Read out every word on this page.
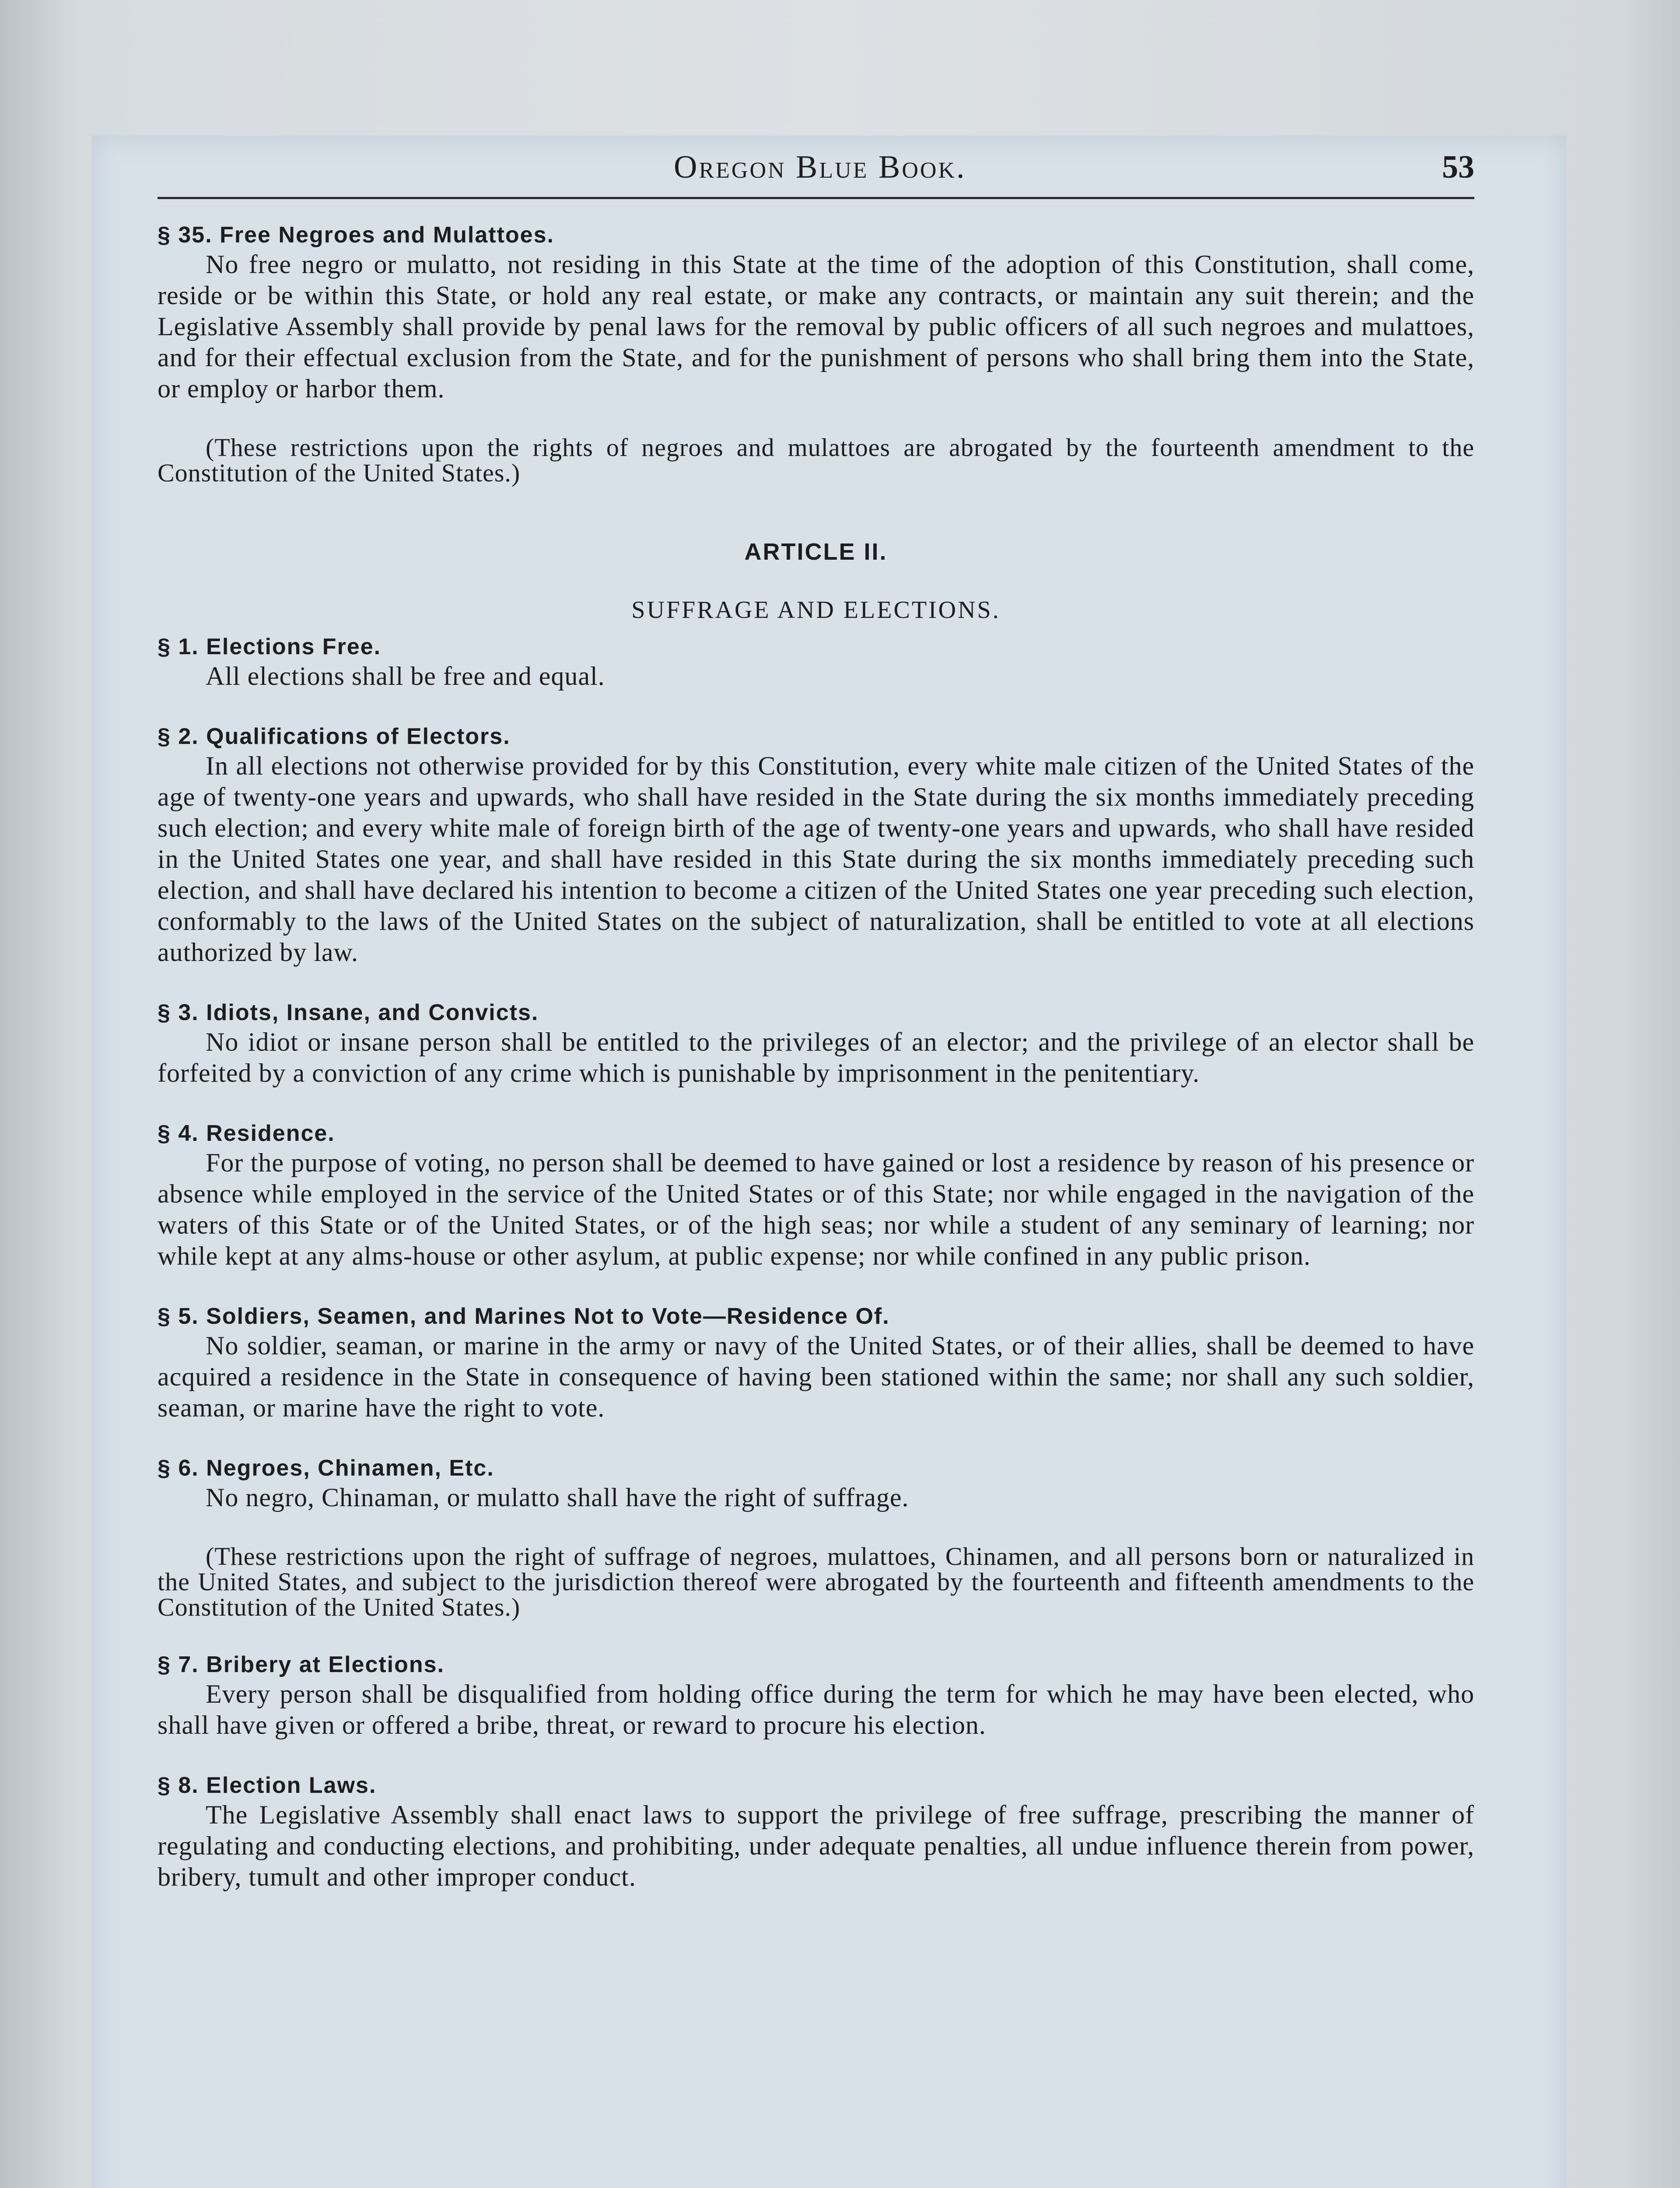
Oregon Blue Book.	53

§ 35. Free Negroes and Mulattoes.

No free negro or mulatto, not residing in this State at the time of the adoption of this Constitution, shall come, reside or be within this State, or hold any real estate, or make any contracts, or maintain any suit therein; and the Legislative Assembly shall provide by penal laws for the removal by public officers of all such negroes and mulattoes, and for their effectual exclusion from the State, and for the punishment of persons who shall bring them into the State, or employ or harbor them.

(These restrictions upon the rights of negroes and mulattoes are abrogated by the fourteenth amendment to the Constitution of the United States.)

ARTICLE II.
SUFFRAGE AND ELECTIONS.

§ 1. Elections Free.

All elections shall be free and equal.

§ 2. Qualifications of Electors.

In all elections not otherwise provided for by this Constitution, every white male citizen of the United States of the age of twenty-one years and upwards, who shall have resided in the State during the six months immediately preceding such election; and every white male of foreign birth of the age of twenty-one years and upwards, who shall have resided in the United States one year, and shall have resided in this State during the six months immediately preceding such election, and shall have declared his intention to become a citizen of the United States one year preceding such election, conformably to the laws of the United States on the subject of naturalization, shall be entitled to vote at all elections authorized by law.

§ 3. Idiots, Insane, and Convicts.

No idiot or insane person shall be entitled to the privileges of an elector; and the privilege of an elector shall be forfeited by a conviction of any crime which is punishable by imprisonment in the penitentiary.

§ 4. Residence.

For the purpose of voting, no person shall be deemed to have gained or lost a residence by reason of his presence or absence while employed in the service of the United States or of this State; nor while engaged in the navigation of the waters of this State or of the United States, or of the high seas; nor while a student of any seminary of learning; nor while kept at any alms-house or other asylum, at public expense; nor while confined in any public prison.

§ 5. Soldiers, Seamen, and Marines Not to Vote—Residence Of.

No soldier, seaman, or marine in the army or navy of the United States, or of their allies, shall be deemed to have acquired a residence in the State in consequence of having been stationed within the same; nor shall any such soldier, seaman, or marine have the right to vote.

§ 6. Negroes, Chinamen, Etc.

No negro, Chinaman, or mulatto shall have the right of suffrage.

(These restrictions upon the right of suffrage of negroes, mulattoes, Chinamen, and all persons born or naturalized in the United States, and subject to the jurisdiction thereof were abrogated by the fourteenth and fifteenth amendments to the Constitution of the United States.)

§ 7. Bribery at Elections.

Every person shall be disqualified from holding office during the term for which he may have been elected, who shall have given or offered a bribe, threat, or reward to procure his election.

§ 8. Election Laws.

The Legislative Assembly shall enact laws to support the privilege of free suffrage, prescribing the manner of regulating and conducting elections, and prohibiting, under adequate penalties, all undue influence therein from power, bribery, tumult and other improper conduct.
